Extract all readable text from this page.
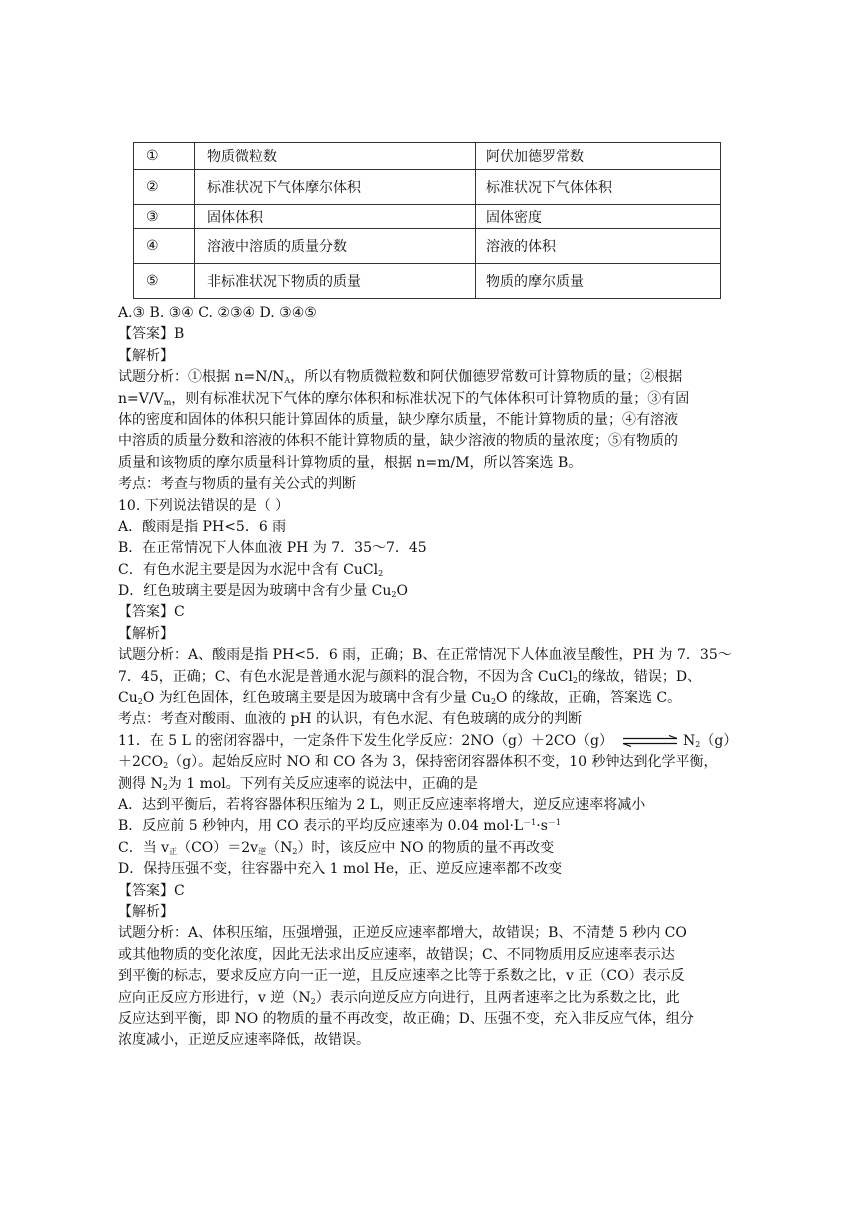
①	物质微粒数	阿伏加德罗常数
②	标准状况下气体摩尔体积	标准状况下气体体积
③	固体体积	固体密度
④	溶液中溶质的质量分数	溶液的体积
⑤	非标准状况下物质的质量	物质的摩尔质量
A.③ B. ③④ C. ②③④ D. ③④⑤
【答案】B
【解析】
试题分析：①根据 $n=N/N_A$，所以有物质微粒数和阿伏伽德罗常数可计算物质的量；②根据
$n=V/V_m$，则有标准状况下气体的摩尔体积和标准状况下的气体体积可计算物质的量；③有固
体的密度和固体的体积只能计算固体的质量，缺少摩尔质量，不能计算物质的量；④有溶液
中溶质的质量分数和溶液的体积不能计算物质的量，缺少溶液的物质的量浓度；⑤有物质的
质量和该物质的摩尔质量科计算物质的量，根据 n=m/M，所以答案选 B。
考点：考查与物质的量有关公式的判断
10. 下列说法错误的是（ ）
A．酸雨是指 PH<5．6 雨
B．在正常情况下人体血液 PH 为 7．35～7．45
C．有色水泥主要是因为水泥中含有 CuCl$_2$
D．红色玻璃主要是因为玻璃中含有少量 $Cu_2O$
【答案】C
【解析】
试题分析：A、酸雨是指 PH<5．6 雨，正确；B、在正常情况下人体血液呈酸性，PH 为 7．35～
7．45，正确；C、有色水泥是普通水泥与颜料的混合物，不因为含 CuCl$_2$的缘故，错误；D、
$Cu_2O$ 为红色固体，红色玻璃主要是因为玻璃中含有少量 $Cu_2O$ 的缘故，正确，答案选 C。
考点：考查对酸雨、血液的 pH 的认识，有色水泥、有色玻璃的成分的判断
11．在 5 L 的密闭容器中，一定条件下发生化学反应：2NO（g）＋2CO（g）	$N_2(g)$
$+2CO_2(g)$。起始反应时 NO 和 CO 各为 3，保持密闭容器体积不变，10 秒钟达到化学平衡，
测得 $N_2$为 1 mol。下列有关反应速率的说法中，正确的是
A．达到平衡后，若将容器体积压缩为 2 L，则正反应速率将增大，逆反应速率将减小
B．反应前 5 秒钟内，用 CO 表示的平均反应速率为 0.04 $mol\cdot L^{-1}\cdot s^{-1}$
C．当 $v_正(CO)=2v_逆(N_2)$时，该反应中 NO 的物质的量不再改变
D．保持压强不变，往容器中充入 1 mol He，正、逆反应速率都不改变
【答案】C
【解析】
试题分析：A、体积压缩，压强增强，正逆反应速率都增大，故错误；B、不清楚 5 秒内 CO
或其他物质的变化浓度，因此无法求出反应速率，故错误；C、不同物质用反应速率表示达
到平衡的标志，要求反应方向一正一逆，且反应速率之比等于系数之比，v 正（CO）表示反
应向正反应方形进行，v 逆$(N_2)$表示向逆反应方向进行，且两者速率之比为系数之比，此
反应达到平衡，即 NO 的物质的量不再改变，故正确；D、压强不变，充入非反应气体，组分
浓度减小，正逆反应速率降低，故错误。
